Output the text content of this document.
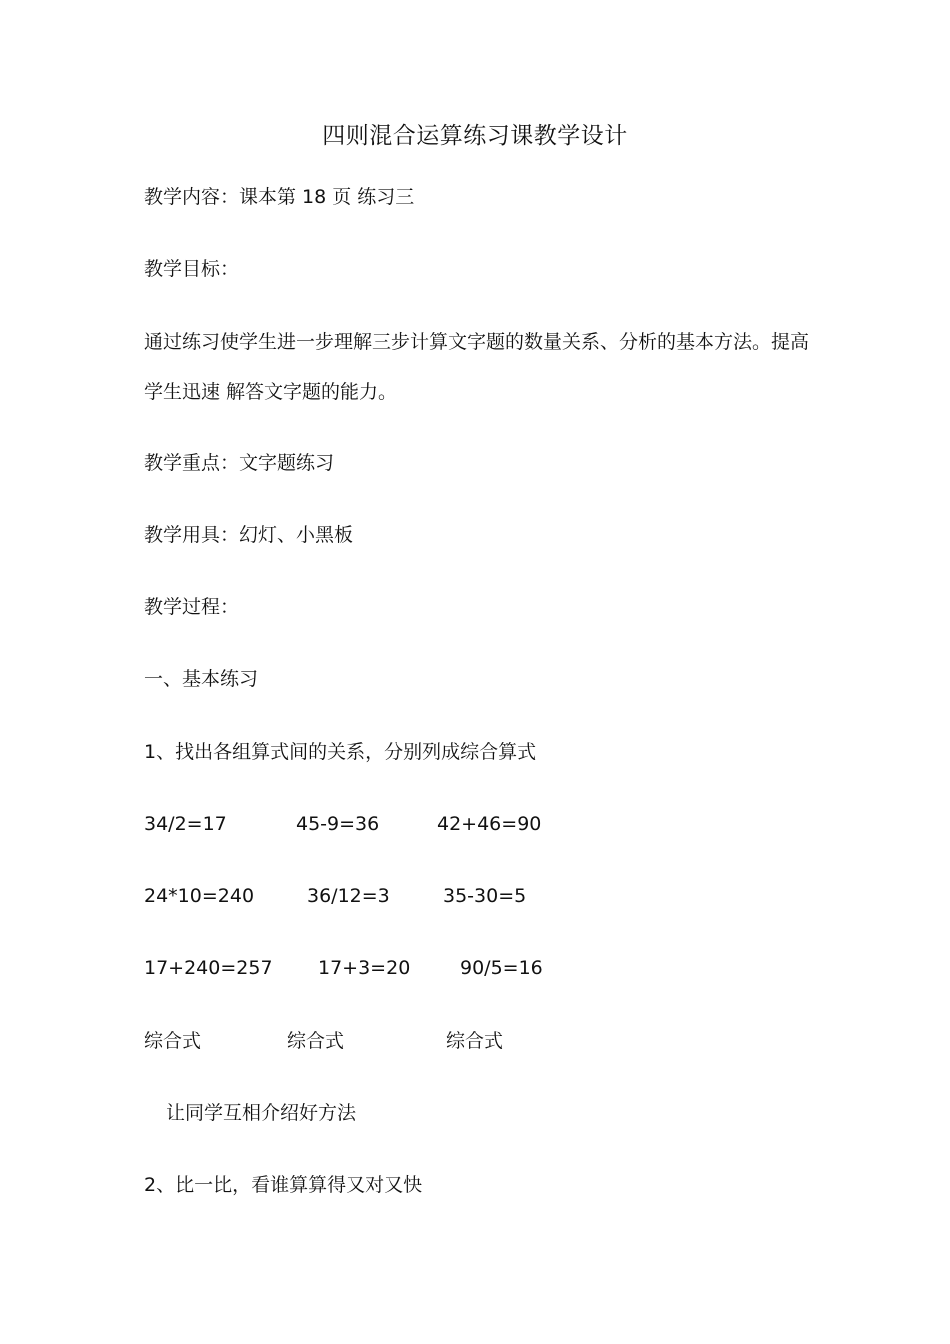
四则混合运算练习课教学设计
教学内容：课本第 18 页 练习三
教学目标：
通过练习使学生进一步理解三步计算文字题的数量关系、分析的基本方法。提高学生迅速 解答文字题的能力。
教学重点：文字题练习
教学用具：幻灯、小黑板
教学过程：
一、基本练习
1、找出各组算式间的关系，分别列成综合算式
34/2=17	45-9=36	42+46=90
24*10=240	36/12=3	35-30=5
17+240=257 17+3=20	90/5=16
综合式	综合式	综合式
让同学互相介绍好方法
2、比一比，看谁算算得又对又快
